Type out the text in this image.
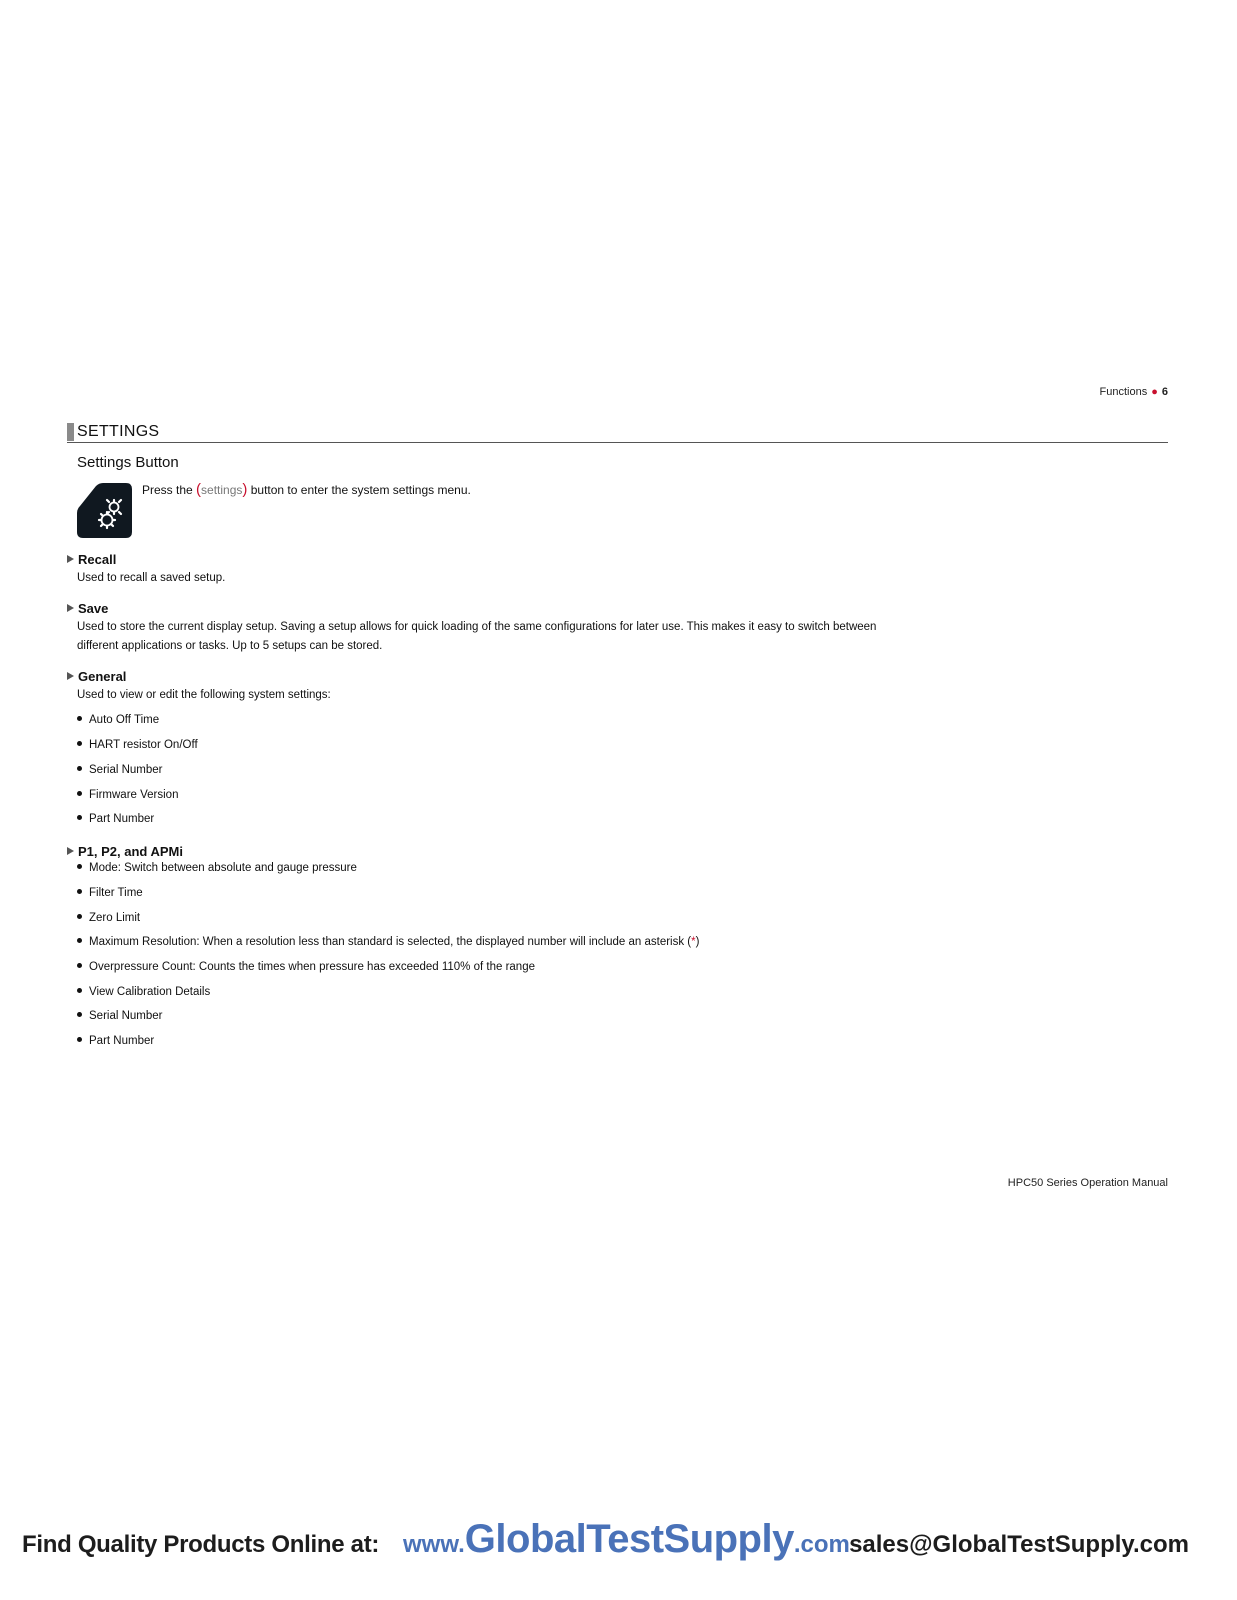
Functions ● 6
SETTINGS
Settings Button
Press the (settings) button to enter the system settings menu.
Recall
Used to recall a saved setup.
Save
Used to store the current display setup. Saving a setup allows for quick loading of the same configurations for later use. This makes it easy to switch between different applications or tasks. Up to 5 setups can be stored.
General
Used to view or edit the following system settings:
Auto Off Time
HART resistor On/Off
Serial Number
Firmware Version
Part Number
P1, P2, and APMi
Mode: Switch between absolute and gauge pressure
Filter Time
Zero Limit
Maximum Resolution: When a resolution less than standard is selected, the displayed number will include an asterisk (*)
Overpressure Count: Counts the times when pressure has exceeded 110% of the range
View Calibration Details
Serial Number
Part Number
HPC50 Series Operation Manual
Find Quality Products Online at: www.GlobalTestSupply.com sales@GlobalTestSupply.com
